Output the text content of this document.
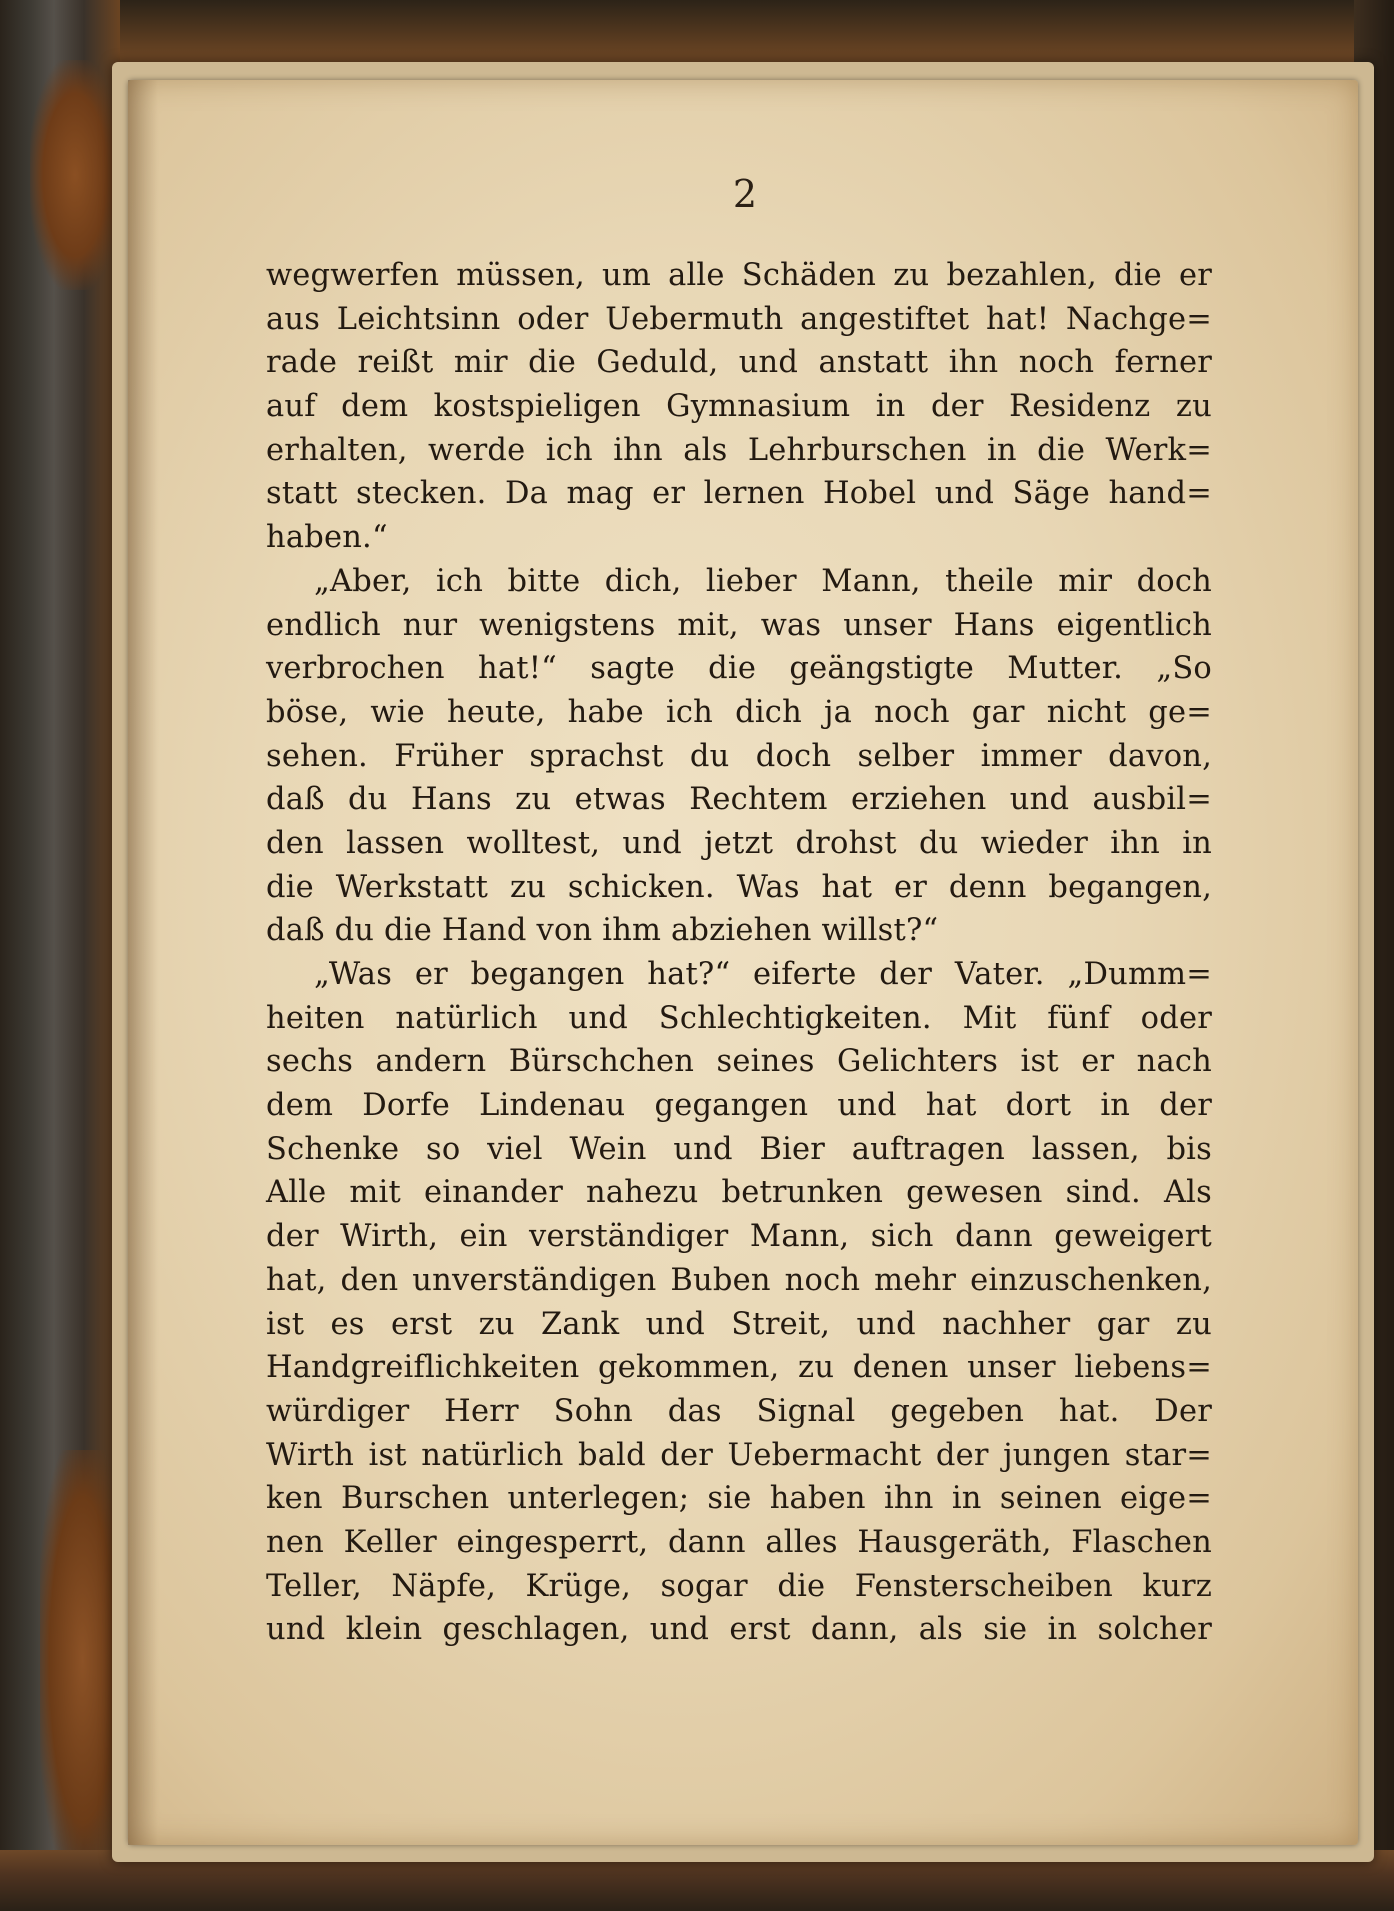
2
wegwerfen müssen, um alle Schäden zu bezahlen, die er
aus Leichtsinn oder Uebermuth angestiftet hat! Nachge=
rade reißt mir die Geduld, und anstatt ihn noch ferner
auf dem kostspieligen Gymnasium in der Residenz zu
erhalten, werde ich ihn als Lehrburschen in die Werk=
statt stecken. Da mag er lernen Hobel und Säge hand=
haben.“
„Aber, ich bitte dich, lieber Mann, theile mir doch
endlich nur wenigstens mit, was unser Hans eigentlich
verbrochen hat!“ sagte die geängstigte Mutter. „So
böse, wie heute, habe ich dich ja noch gar nicht ge=
sehen. Früher sprachst du doch selber immer davon,
daß du Hans zu etwas Rechtem erziehen und ausbil=
den lassen wolltest, und jetzt drohst du wieder ihn in
die Werkstatt zu schicken. Was hat er denn begangen,
daß du die Hand von ihm abziehen willst?“
„Was er begangen hat?“ eiferte der Vater. „Dumm=
heiten natürlich und Schlechtigkeiten. Mit fünf oder
sechs andern Bürschchen seines Gelichters ist er nach
dem Dorfe Lindenau gegangen und hat dort in der
Schenke so viel Wein und Bier auftragen lassen, bis
Alle mit einander nahezu betrunken gewesen sind. Als
der Wirth, ein verständiger Mann, sich dann geweigert
hat, den unverständigen Buben noch mehr einzuschenken,
ist es erst zu Zank und Streit, und nachher gar zu
Handgreiflichkeiten gekommen, zu denen unser liebens=
würdiger Herr Sohn das Signal gegeben hat. Der
Wirth ist natürlich bald der Uebermacht der jungen star=
ken Burschen unterlegen; sie haben ihn in seinen eige=
nen Keller eingesperrt, dann alles Hausgeräth, Flaschen
Teller, Näpfe, Krüge, sogar die Fensterscheiben kurz
und klein geschlagen, und erst dann, als sie in solcher
